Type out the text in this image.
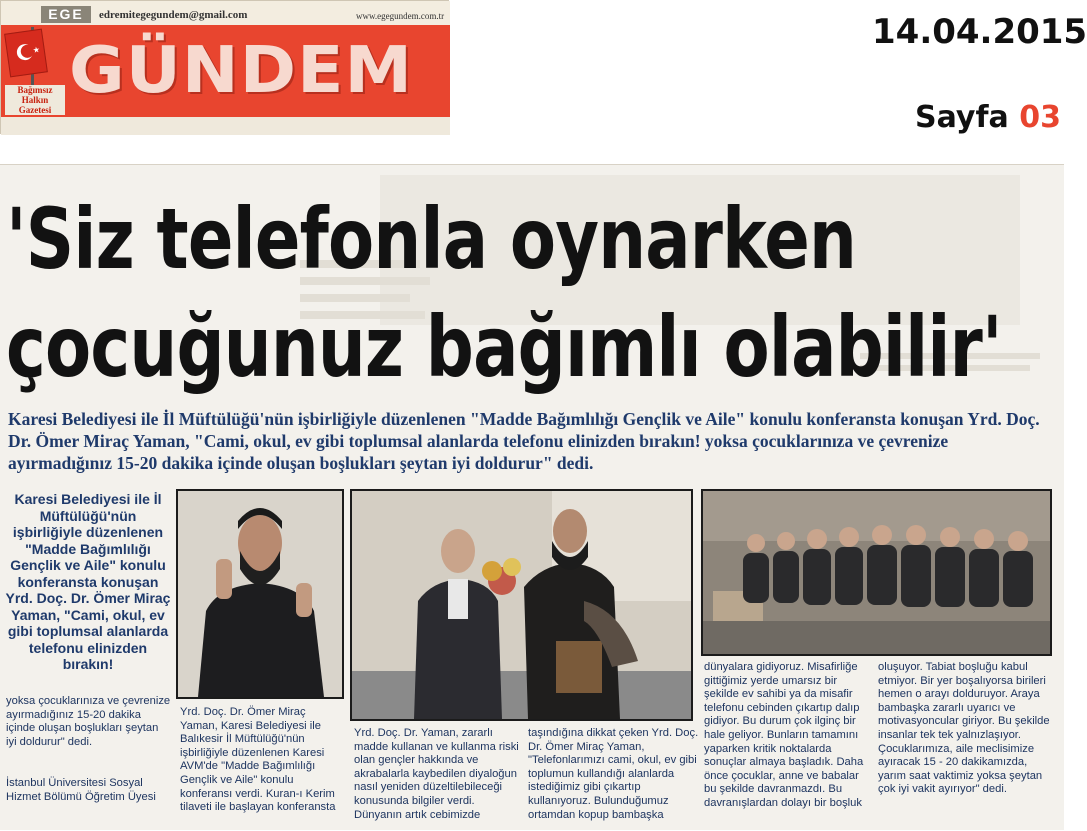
EGE	edremitegegundem@gmail.com	www.egegundem.com.tr
GÜNDEM
★
Bağımsız Halkın Gazetesi
14.04.2015
Sayfa 03
'Siz telefonla oynarken
çocuğunuz bağımlı olabilir'
Karesi Belediyesi ile İl Müftülüğü'nün işbirliğiyle düzenlenen "Madde Bağımlılığı Gençlik ve Aile" konulu konferansta konuşan Yrd. Doç. Dr. Ömer Miraç Yaman, "Cami, okul, ev gibi toplumsal alanlarda telefonu elinizden bırakın! yoksa çocuklarınıza ve çevrenize ayırmadığınız 15-20 dakika içinde oluşan boşlukları şeytan iyi doldurur" dedi.
Karesi Belediyesi ile İl Müftülüğü'nün işbirliğiyle düzenlenen "Madde Bağımlılığı Gençlik ve Aile" konulu konferansta konuşan Yrd. Doç. Dr. Ömer Miraç Yaman, "Cami, okul, ev gibi toplumsal alanlarda telefonu elinizden bırakın!
yoksa çocuklarınıza ve çevrenize ayırmadığınız 15-20 dakika içinde oluşan boşlukları şeytan iyi doldurur" dedi.
İstanbul Üniversitesi Sosyal Hizmet Bölümü Öğretim Üyesi
Yrd. Doç. Dr. Ömer Miraç Yaman, Karesi Belediyesi ile Balıkesir İl Müftülüğü'nün işbirliğiyle düzenlenen Karesi AVM'de "Madde Bağımlılığı Gençlik ve Aile" konulu konferansı verdi. Kuran-ı Kerim tilaveti ile başlayan konferansta
Yrd. Doç. Dr. Yaman, zararlı madde kullanan ve kullanma riski olan gençler hakkında ve akrabalarla kaybedilen diyaloğun nasıl yeniden düzeltilebileceği konusunda bilgiler verdi. Dünyanın artık cebimizde
taşındığına dikkat çeken Yrd. Doç. Dr. Ömer Miraç Yaman, "Telefonlarımızı cami, okul, ev gibi toplumun kullandığı alanlarda istediğimiz gibi çıkartıp kullanıyoruz. Bulunduğumuz ortamdan kopup bambaşka
dünyalara gidiyoruz. Misafirliğe gittiğimiz yerde umarsız bir şekilde ev sahibi ya da misafir telefonu cebinden çıkartıp dalıp gidiyor. Bu durum çok ilginç bir hale geliyor. Bunların tamamını yaparken kritik noktalarda sonuçlar almaya başladık. Daha önce çocuklar, anne ve babalar bu şekilde davranmazdı. Bu davranışlardan dolayı bir boşluk
oluşuyor. Tabiat boşluğu kabul etmiyor. Bir yer boşalıyorsa birileri hemen o arayı dolduruyor. Araya bambaşka zararlı uyarıcı ve motivasyoncular giriyor. Bu şekilde insanlar tek tek yalnızlaşıyor. Çocuklarımıza, aile meclisimize ayıracak 15 - 20 dakikamızda, yarım saat vaktimiz yoksa şeytan çok iyi vakit ayırıyor" dedi.
